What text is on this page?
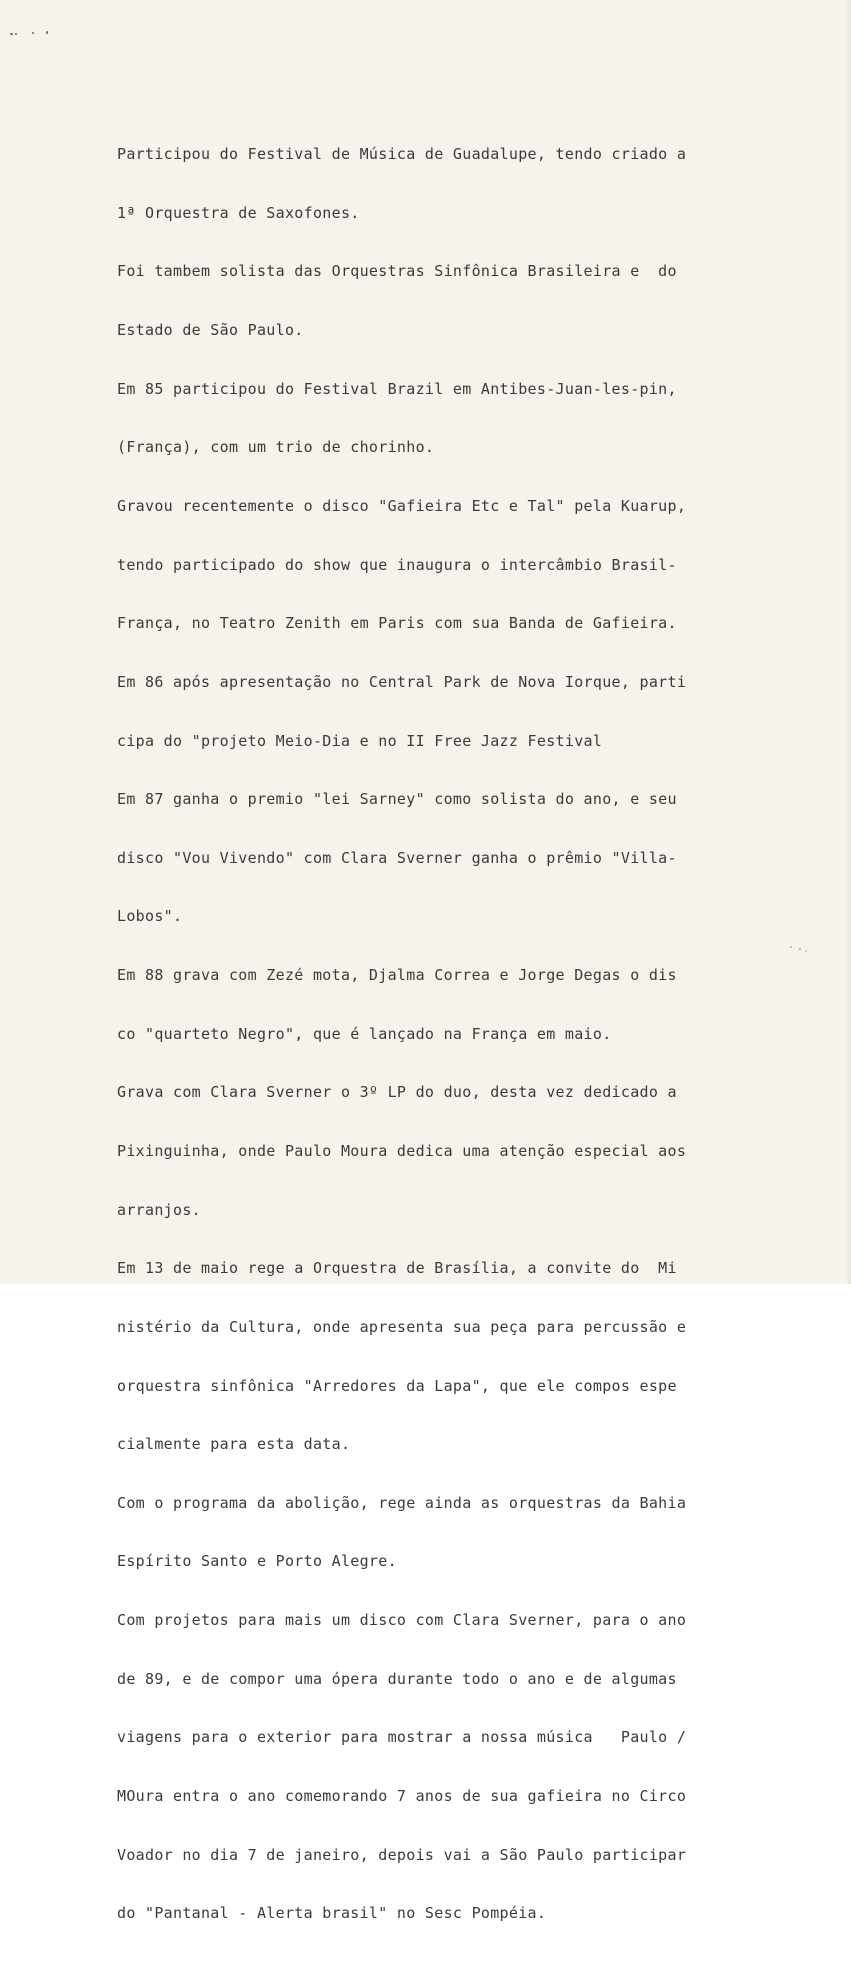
Participou do Festival de Música de Guadalupe, tendo criado a

1ª Orquestra de Saxofones.

Foi tambem solista das Orquestras Sinfônica Brasileira e  do

Estado de São Paulo.

Em 85 participou do Festival Brazil em Antibes-Juan-les-pin,

(França), com um trio de chorinho.

Gravou recentemente o disco "Gafieira Etc e Tal" pela Kuarup,

tendo participado do show que inaugura o intercâmbio Brasil-

França, no Teatro Zenith em Paris com sua Banda de Gafieira.

Em 86 após apresentação no Central Park de Nova Iorque, parti

cipa do "projeto Meio-Dia e no II Free Jazz Festival

Em 87 ganha o premio "lei Sarney" como solista do ano, e seu

disco "Vou Vivendo" com Clara Sverner ganha o prêmio "Villa-

Lobos".

Em 88 grava com Zezé mota, Djalma Correa e Jorge Degas o dis

co "quarteto Negro", que é lançado na França em maio.

Grava com Clara Sverner o 3º LP do duo, desta vez dedicado a

Pixinguinha, onde Paulo Moura dedica uma atenção especial aos

arranjos.

Em 13 de maio rege a Orquestra de Brasília, a convite do  Mi

nistério da Cultura, onde apresenta sua peça para percussão e

orquestra sinfônica "Arredores da Lapa", que ele compos espe

cialmente para esta data.

Com o programa da abolição, rege ainda as orquestras da Bahia

Espírito Santo e Porto Alegre.

Com projetos para mais um disco com Clara Sverner, para o ano

de 89, e de compor uma ópera durante todo o ano e de algumas

viagens para o exterior para mostrar a nossa música   Paulo /

MOura entra o ano comemorando 7 anos de sua gafieira no Circo

Voador no dia 7 de janeiro, depois vai a São Paulo participar

do "Pantanal - Alerta brasil" no Sesc Pompéia.
